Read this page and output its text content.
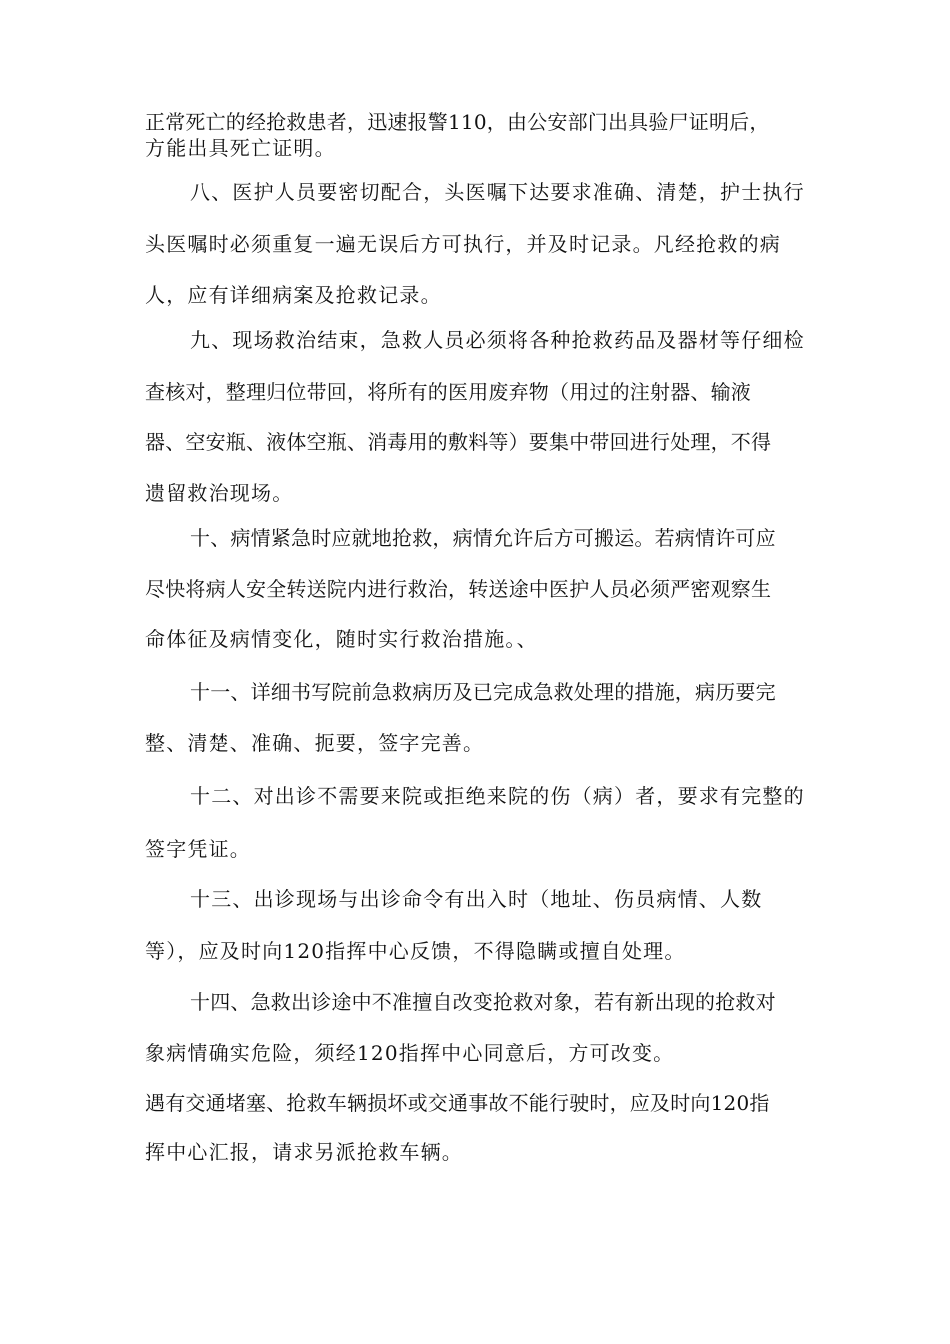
正常死亡的经抢救患者，迅速报警110，由公安部门出具验尸证明后，
方能出具死亡证明。
八、医护人员要密切配合，头医嘱下达要求准确、清楚，护士执行
头医嘱时必须重复一遍无误后方可执行，并及时记录。凡经抢救的病
人，应有详细病案及抢救记录。
九、现场救治结束，急救人员必须将各种抢救药品及器材等仔细检
查核对，整理归位带回，将所有的医用废弃物（用过的注射器、输液
器、空安瓶、液体空瓶、消毒用的敷料等）要集中带回进行处理，不得
遗留救治现场。
十、病情紧急时应就地抢救，病情允许后方可搬运。若病情许可应
尽快将病人安全转送院内进行救治，转送途中医护人员必须严密观察生
命体征及病情变化，随时实行救治措施。、
十一、详细书写院前急救病历及已完成急救处理的措施，病历要完
整、清楚、准确、扼要，签字完善。
十二、对出诊不需要来院或拒绝来院的伤（病）者，要求有完整的
签字凭证。
十三、出诊现场与出诊命令有出入时（地址、伤员病情、人数
等），应及时向120指挥中心反馈，不得隐瞒或擅自处理。
十四、急救出诊途中不准擅自改变抢救对象，若有新出现的抢救对
象病情确实危险，须经120指挥中心同意后，方可改变。
遇有交通堵塞、抢救车辆损坏或交通事故不能行驶时，应及时向120指
挥中心汇报，请求另派抢救车辆。
